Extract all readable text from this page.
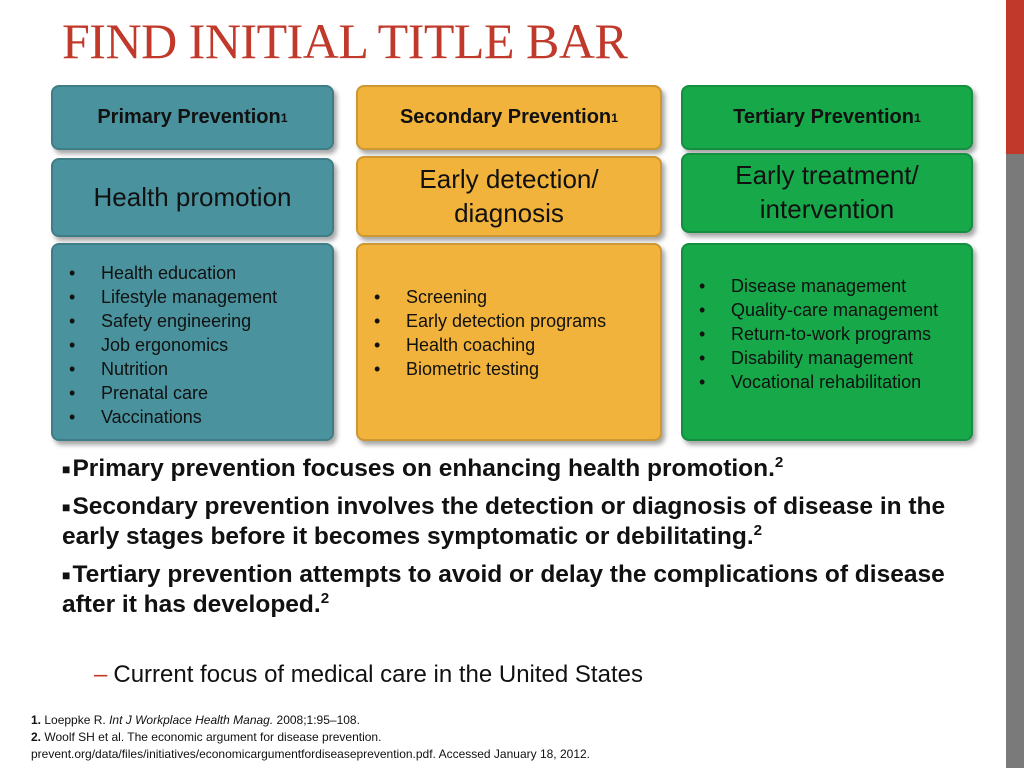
FIND INITIAL TITLE BAR
Primary Prevention 1	Secondary Prevention 1	Tertiary Prevention 1
Health promotion
Early detection/ diagnosis
Early treatment/ intervention
• Health education
• Lifestyle management
• Safety engineering
• Job ergonomics
• Nutrition
• Prenatal care
• Vaccinations
• Screening
• Early detection programs
• Health coaching
• Biometric testing
• Disease management
• Quality-care management
• Return-to-work programs
• Disability management
• Vocational rehabilitation
■Primary prevention focuses on enhancing health promotion.$^2$
■Secondary prevention involves the detection or diagnosis of disease in the early stages before it becomes symptomatic or debilitating.$^2$
■Tertiary prevention attempts to avoid or delay the complications of disease after it has developed.$^2$
– Current focus of medical care in the United States
1. Loeppke R. Int J Workplace Health Manag. 2008;1:95–108.
2. Woolf SH et al. The economic argument for disease prevention.
prevent.org/data/files/initiatives/economicargumentfordiseaseprevention.pdf. Accessed January 18, 2012.
